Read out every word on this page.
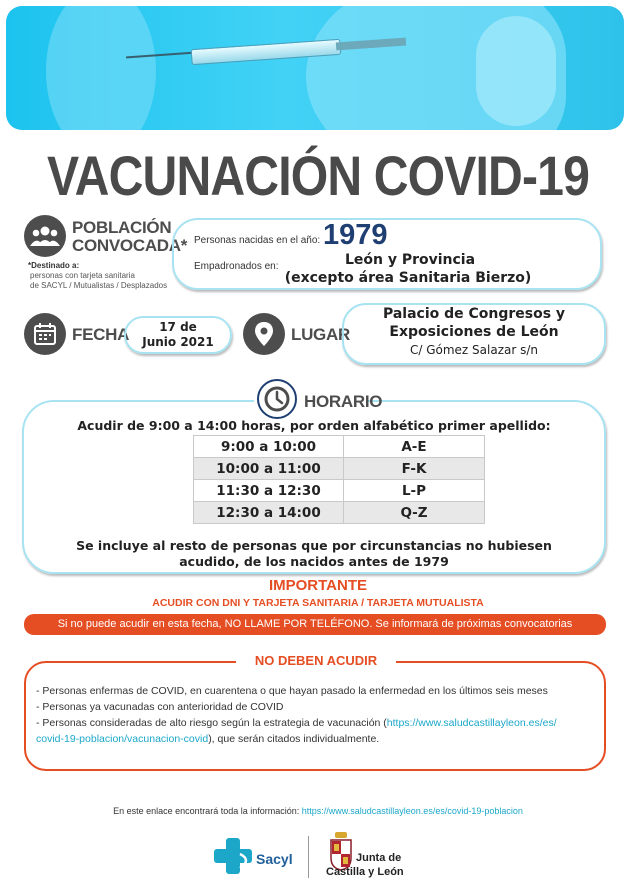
VACUNACIÓN COVID-19
POBLACIÓN
CONVOCADA*
*Destinado a:
personas con tarjeta sanitaria
de SACYL / Mutualistas / Desplazados
Personas nacidas en el año: 1979
Empadronados en:	León y Provincia
(excepto área Sanitaria Bierzo)
FECHA	17 de
Junio 2021	LUGAR
Palacio de Congresos y
Exposiciones de León
C/ Gómez Salazar s/n
HORARIO
Acudir de 9:00 a 14:00 horas, por orden alfabético primer apellido:
9:00 a 10:00	A-E
10:00 a 11:00	F-K
11:30 a 12:30	L-P
12:30 a 14:00	Q-Z
Se incluye al resto de personas que por circunstancias no hubiesen
acudido, de los nacidos antes de 1979
IMPORTANTE
ACUDIR CON DNI Y TARJETA SANITARIA / TARJETA MUTUALISTA
Si no puede acudir en esta fecha, NO LLAME POR TELÉFONO. Se informará de próximas convocatorias
NO DEBEN ACUDIR
- Personas enfermas de COVID, en cuarentena o que hayan pasado la enfermedad en los últimos seis meses
- Personas ya vacunadas con anterioridad de COVID
- Personas consideradas de alto riesgo según la estrategia de vacunación (https://www.saludcastillayleon.es/es/
covid-19-poblacion/vacunacion-covid), que serán citados individualmente.
En este enlace encontrará toda la información: https://www.saludcastillayleon.es/es/covid-19-poblacion
Sacyl	Junta de
Castilla y León
